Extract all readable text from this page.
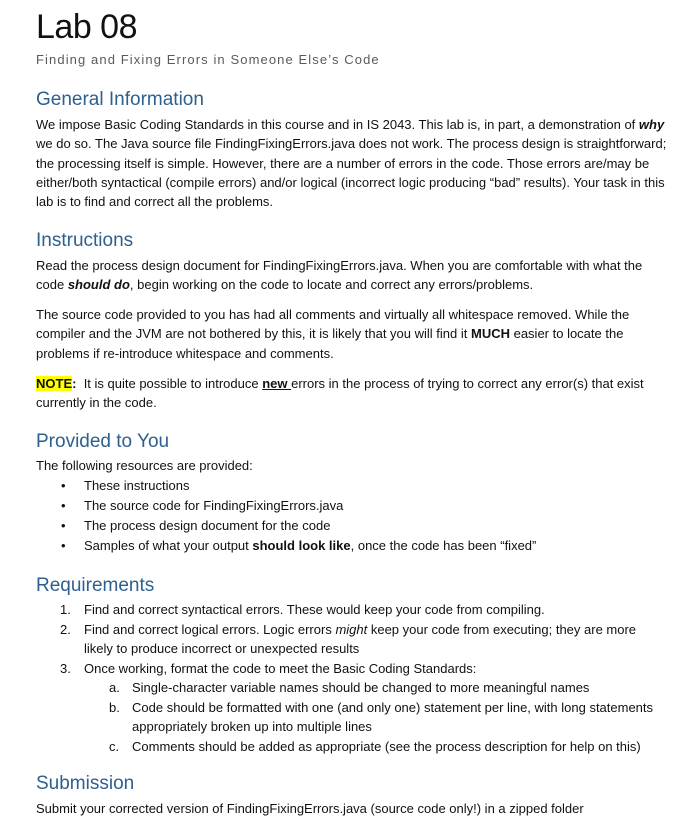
Lab 08
Finding and Fixing Errors in Someone Else’s Code
General Information

We impose Basic Coding Standards in this course and in IS 2043. This lab is, in part, a demonstration of why we do so. The Java source file FindingFixingErrors.java does not work. The process design is straightforward; the processing itself is simple. However, there are a number of errors in the code. Those errors are/may be either/both syntactical (compile errors) and/or logical (incorrect logic producing “bad” results). Your task in this lab is to find and correct all the problems.

Instructions

Read the process design document for FindingFixingErrors.java. When you are comfortable with what the code should do, begin working on the code to locate and correct any errors/problems.

The source code provided to you has had all comments and virtually all whitespace removed. While the compiler and the JVM are not bothered by this, it is likely that you will find it MUCH easier to locate the problems if re-introduce whitespace and comments.

NOTE:  It is quite possible to introduce new errors in the process of trying to correct any error(s) that exist currently in the code.

Provided to You

The following resources are provided:

• These instructions
• The source code for FindingFixingErrors.java
• The process design document for the code
• Samples of what your output should look like, once the code has been “fixed”
Requirements
1. Find and correct syntactical errors. These would keep your code from compiling.
2. Find and correct logical errors. Logic errors might keep your code from executing; they are more likely to produce incorrect or unexpected results
3. Once working, format the code to meet the Basic Coding Standards:
a. Single-character variable names should be changed to more meaningful names
b. Code should be formatted with one (and only one) statement per line, with long statements appropriately broken up into multiple lines
c. Comments should be added as appropriate (see the process description for help on this)
Submission

Submit your corrected version of FindingFixingErrors.java (source code only!) in a zipped folder
